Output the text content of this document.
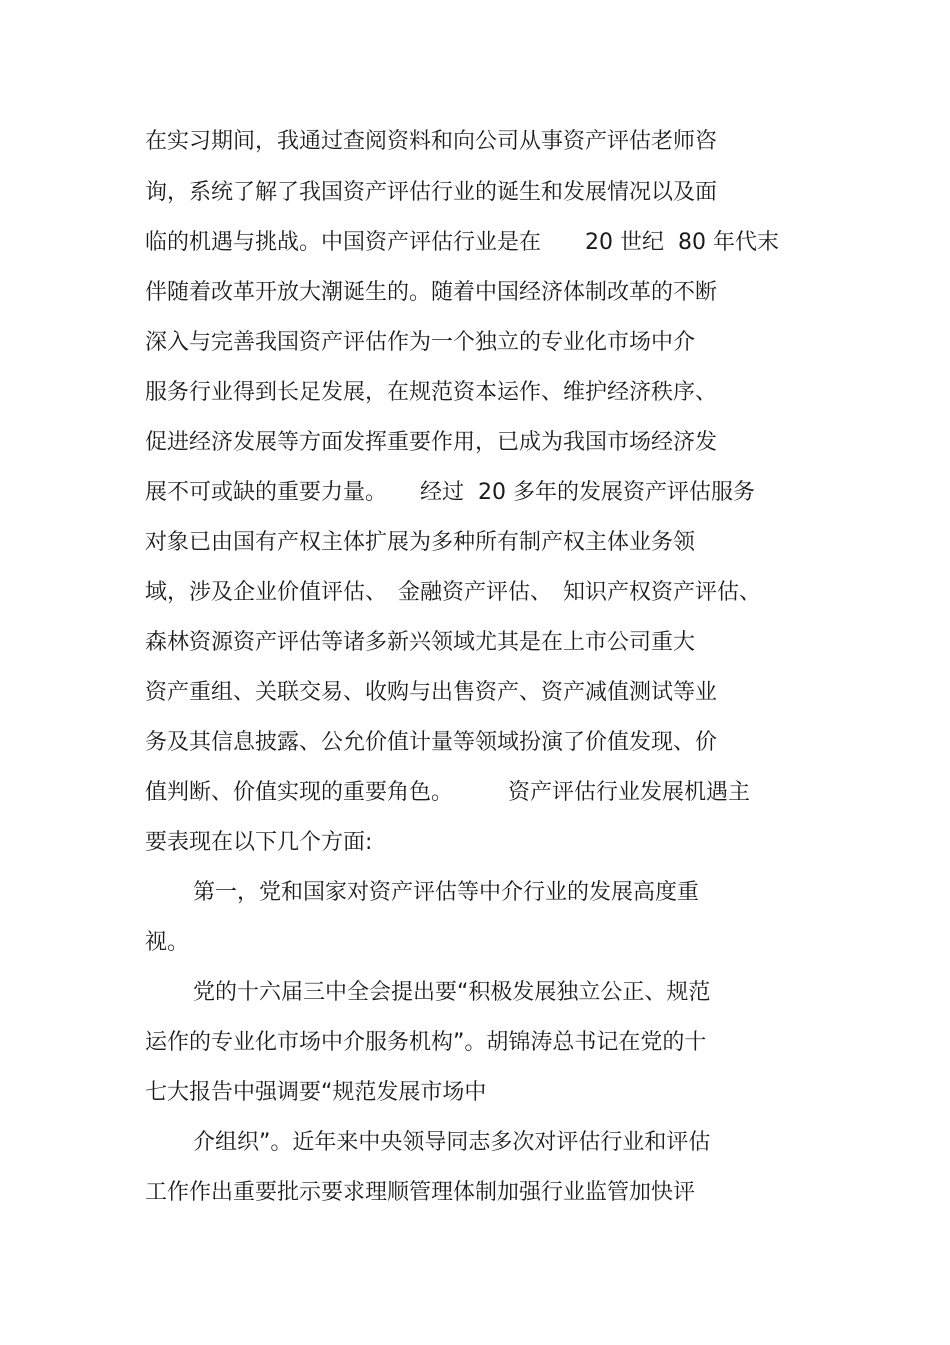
在实习期间，我通过查阅资料和向公司从事资产评估老师咨

询，系统了解了我国资产评估行业的诞生和发展情况以及面

临的机遇与挑战。中国资产评估行业是在　　20 世纪  80 年代末

伴随着改革开放大潮诞生的。随着中国经济体制改革的不断

深入与完善我国资产评估作为一个独立的专业化市场中介

服务行业得到长足发展，在规范资本运作、维护经济秩序、

促进经济发展等方面发挥重要作用，已成为我国市场经济发

展不可或缺的重要力量。　　经过  20 多年的发展资产评估服务

对象已由国有产权主体扩展为多种所有制产权主体业务领

域，涉及企业价值评估、　金融资产评估、　知识产权资产评估、

森林资源资产评估等诸多新兴领域尤其是在上市公司重大

资产重组、关联交易、收购与出售资产、资产减值测试等业

务及其信息披露、公允价值计量等领域扮演了价值发现、价

值判断、价值实现的重要角色。　　　资产评估行业发展机遇主

要表现在以下几个方面:

第一，党和国家对资产评估等中介行业的发展高度重

视。

党的十六届三中全会提出要“积极发展独立公正、规范

运作的专业化市场中介服务机构”。胡锦涛总书记在党的十

七大报告中强调要“规范发展市场中

介组织”。近年来中央领导同志多次对评估行业和评估

工作作出重要批示要求理顺管理体制加强行业监管加快评
